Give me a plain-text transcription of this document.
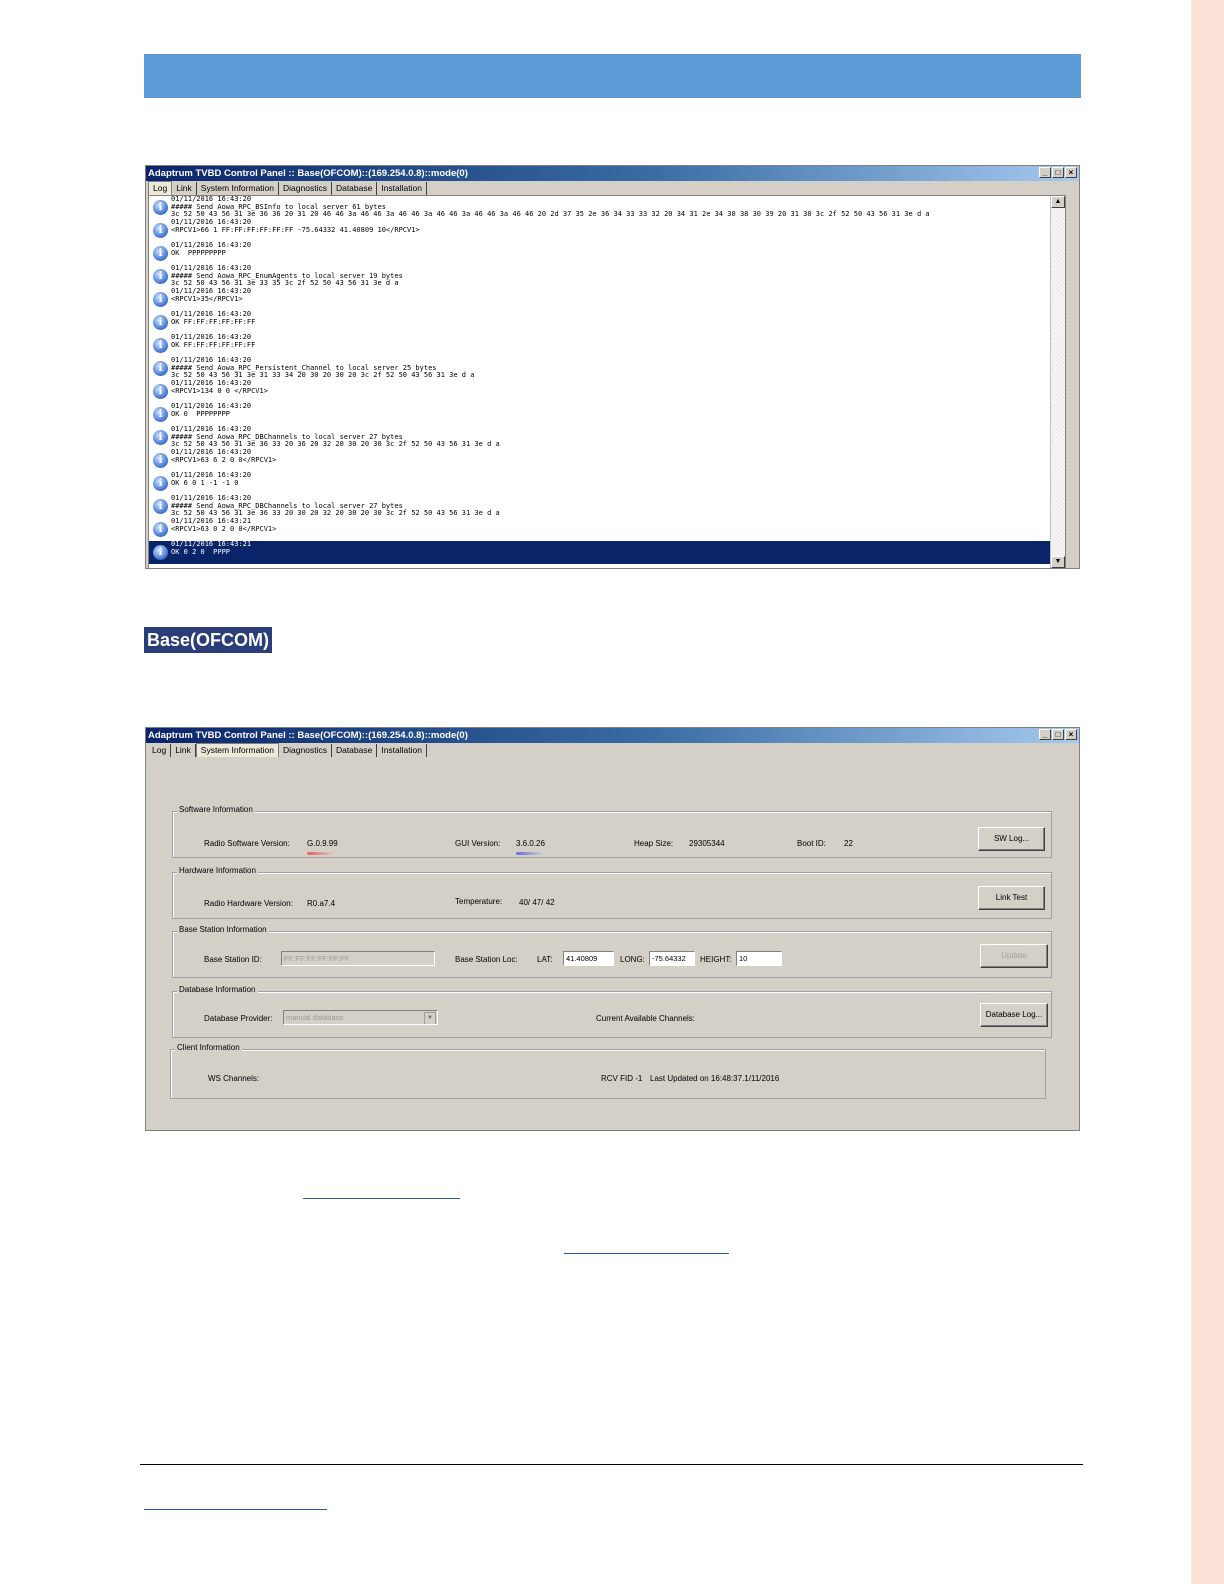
Adaptrum TVBD Control Panel :: Base(OFCOM)::(169.254.0.8)::mode(0)	_	□	×
Log	Link	System Information	Diagnostics	Database	Installation
i
01/11/2016 16:43:20
##### Send Aowa_RPC_BSInfo to local server 61 bytes
3c 52 50 43 56 31 3e 36 36 20 31 20 46 46 3a 46 46 3a 46 46 3a 46 46 3a 46 46 3a 46 46 20 2d 37 35 2e 36 34 33 33 32 20 34 31 2e 34 30 38 30 39 20 31 30 3c 2f 52 50 43 56 31 3e d a
i
01/11/2016 16:43:20
<RPCV1>66 1 FF:FF:FF:FF:FF:FF -75.64332 41.40809 10</RPCV1>
i
01/11/2016 16:43:20
OK  PPPPPPPPP
i
01/11/2016 16:43:20
##### Send Aowa_RPC_EnumAgents to local server 19 bytes
3c 52 50 43 56 31 3e 33 35 3c 2f 52 50 43 56 31 3e d a
i
01/11/2016 16:43:20
<RPCV1>35</RPCV1>
i
01/11/2016 16:43:20
OK FF:FF:FF:FF:FF:FF
i
01/11/2016 16:43:20
OK FF:FF:FF:FF:FF:FF
i
01/11/2016 16:43:20
##### Send Aowa_RPC_Persistent_Channel to local server 25 bytes
3c 52 50 43 56 31 3e 31 33 34 20 30 20 30 20 3c 2f 52 50 43 56 31 3e d a
i
01/11/2016 16:43:20
<RPCV1>134 0 0 </RPCV1>
i
01/11/2016 16:43:20
OK 0  PPPPPPPP
i
01/11/2016 16:43:20
##### Send Aowa_RPC_DBChannels to local server 27 bytes
3c 52 50 43 56 31 3e 36 33 20 36 20 32 20 30 20 30 3c 2f 52 50 43 56 31 3e d a
i
01/11/2016 16:43:20
<RPCV1>63 6 2 0 0</RPCV1>
i
01/11/2016 16:43:20
OK 6 0 1 -1 -1 0
i
01/11/2016 16:43:20
##### Send Aowa_RPC_DBChannels to local server 27 bytes
3c 52 50 43 56 31 3e 36 33 20 30 20 32 20 30 20 30 3c 2f 52 50 43 56 31 3e d a
i
01/11/2016 16:43:21
<RPCV1>63 0 2 0 0</RPCV1>
i
01/11/2016 16:43:21
OK 0 2 0  PPPP
▲
▼
Base(OFCOM)
Adaptrum TVBD Control Panel :: Base(OFCOM)::(169.254.0.8)::mode(0)	_	□	×
Log	Link	System Information	Diagnostics	Database	Installation
Software Information
Radio Software Version: G.0.9.99	GUI Version: 3.6.0.26	Heap Size: 29305344	Boot ID: 22
SW Log...
Hardware Information
Radio Hardware Version: R0.a7.4	Temperature: 40/ 47/ 42
Link Test
Base Station Information
Base Station ID:	FF:FF:FF:FF:FF:FF	Base Station Loc: LAT:	41.40809	LONG: -75.64332	HEIGHT: 10	Update
Database Information
Database Provider:	manual database	▼	Current Available Channels:	Database Log...
Client Information
WS Channels:	RCV FID -1 Last Updated on 16:48:37.1/11/2016
